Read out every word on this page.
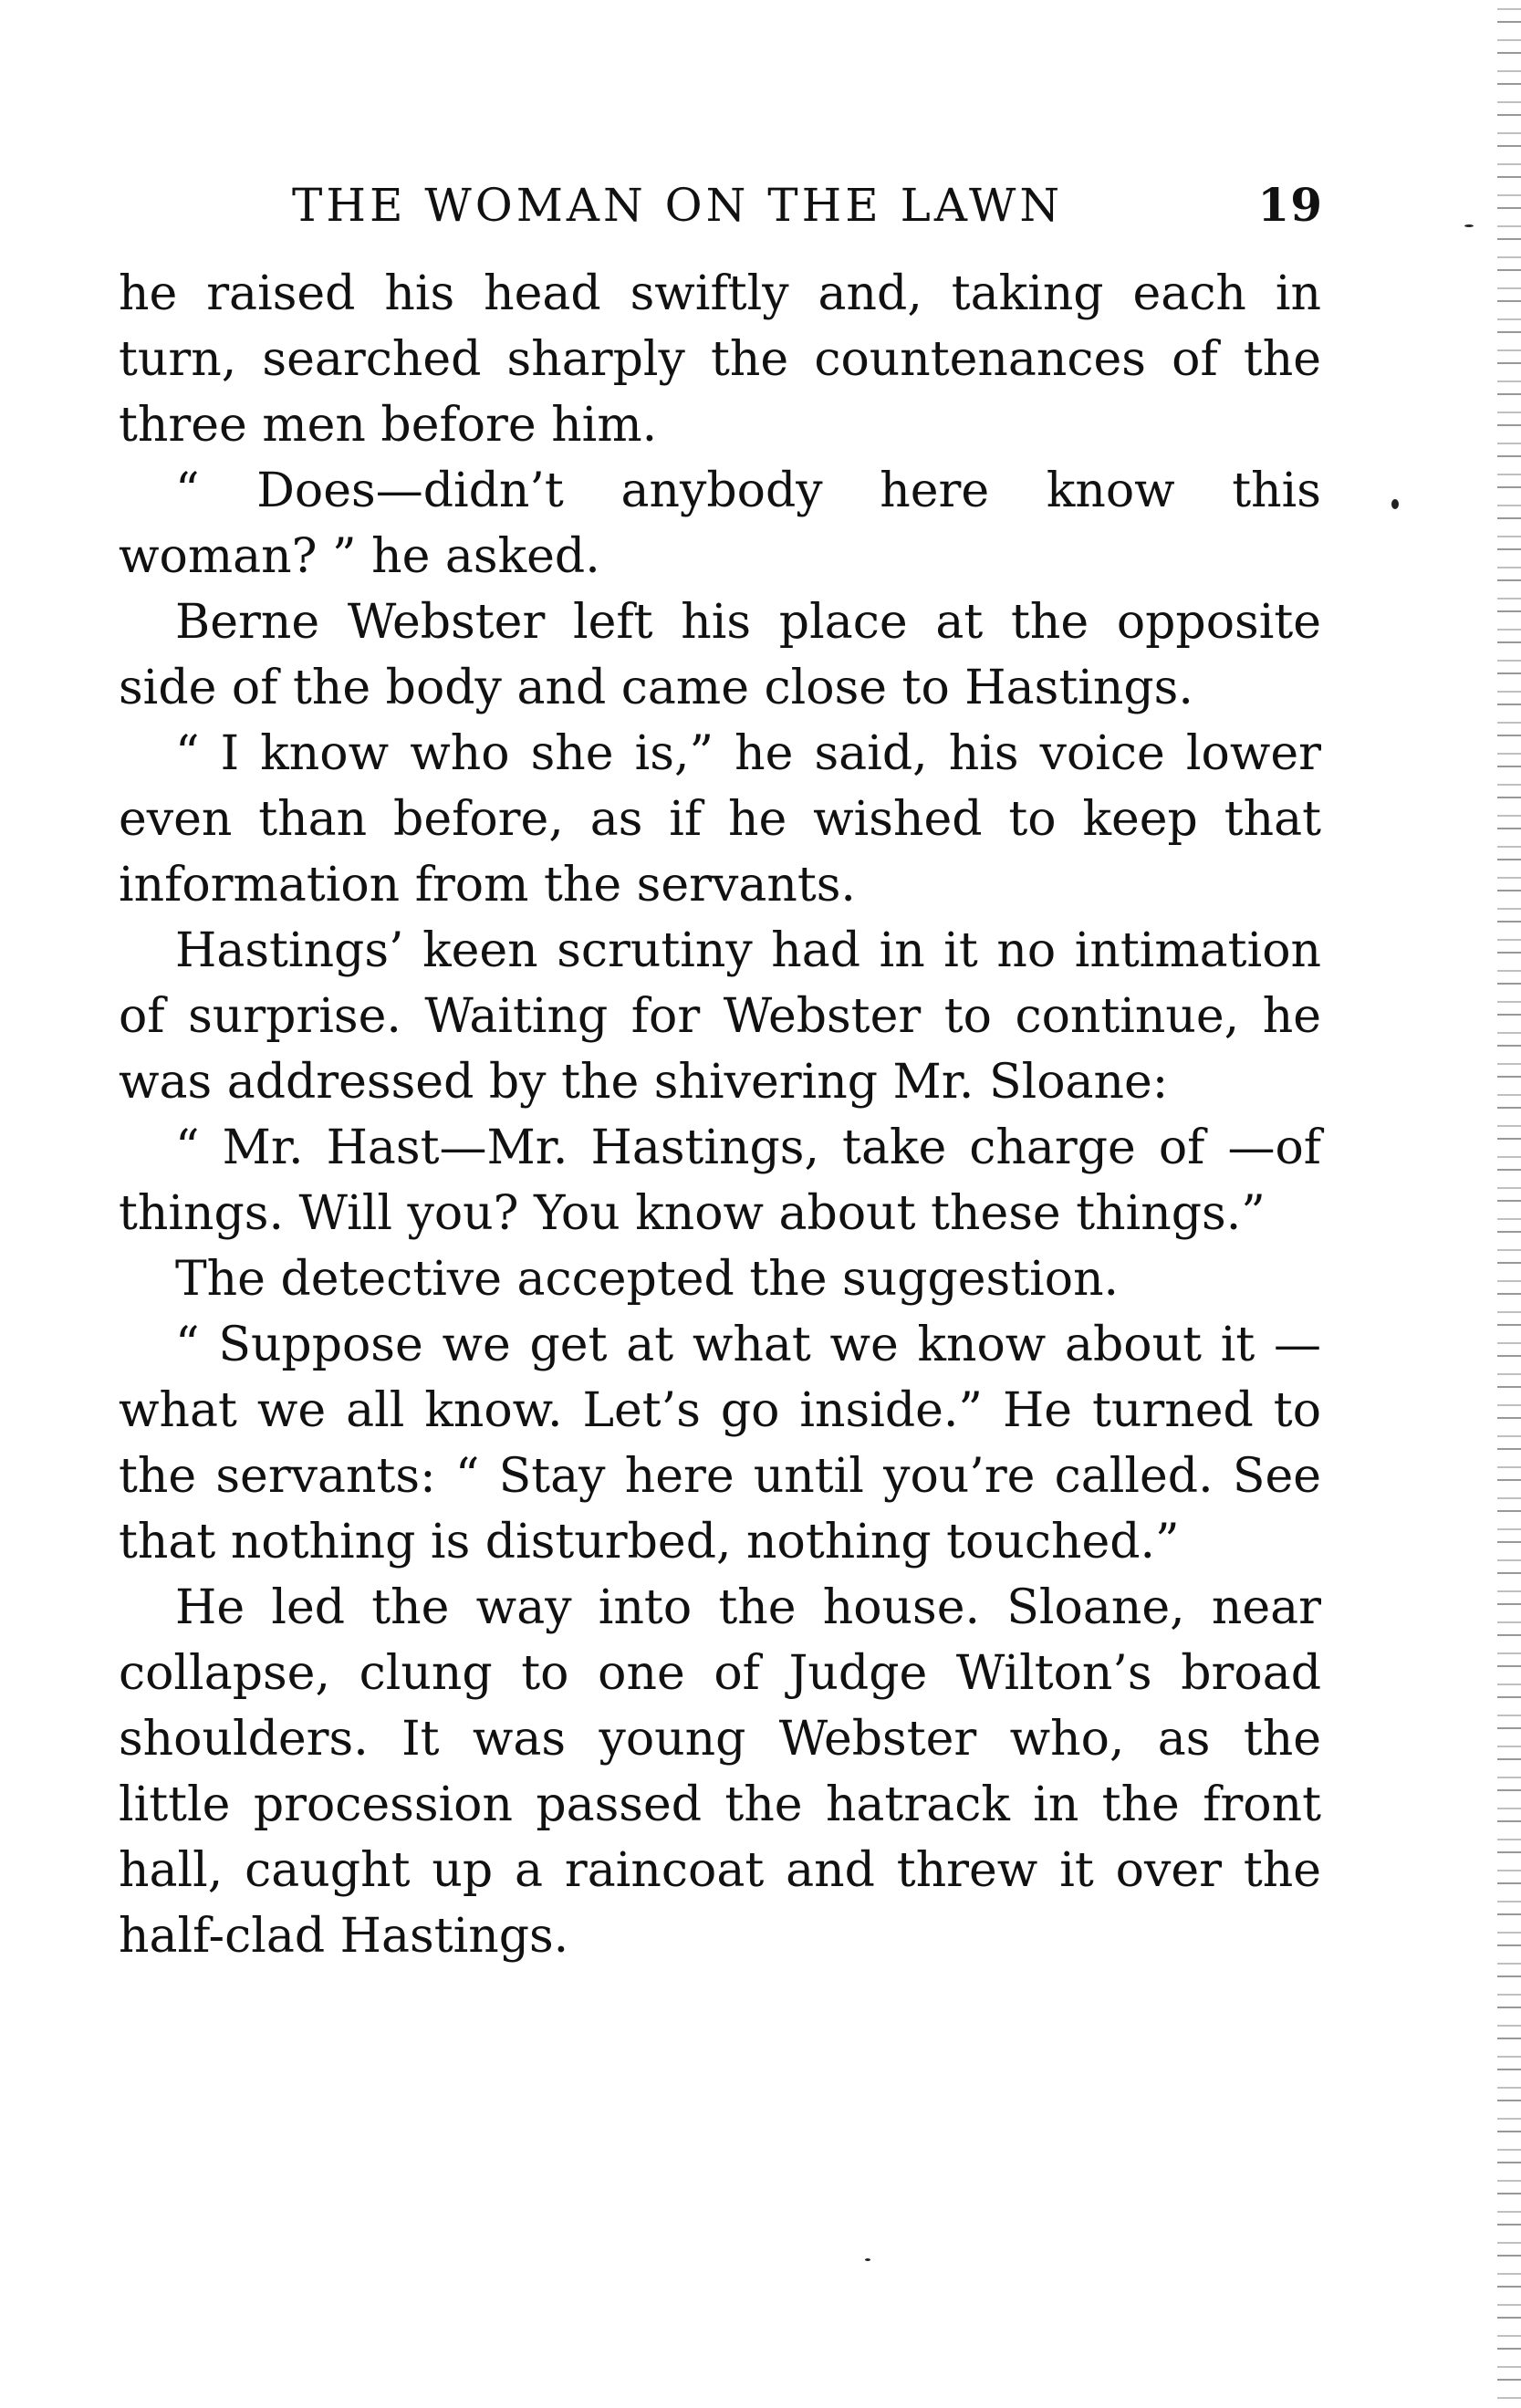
THE WOMAN ON THE LAWN	19

he raised his head swiftly and, taking each in turn, searched sharply the countenances of the three men before him.

“ Does—didn’t anybody here know this woman? ” he asked.

Berne Webster left his place at the opposite side of the body and came close to Hastings.

“ I know who she is,” he said, his voice lower even than before, as if he wished to keep that information from the servants.

Hastings’ keen scrutiny had in it no intimation of surprise. Waiting for Webster to continue, he was addressed by the shivering Mr. Sloane:

“ Mr. Hast—Mr. Hastings, take charge of —of things. Will you? You know about these things.”

The detective accepted the suggestion.

“ Suppose we get at what we know about it —what we all know. Let’s go inside.” He turned to the servants: “ Stay here until you’re called. See that nothing is disturbed, nothing touched.”

He led the way into the house. Sloane, near collapse, clung to one of Judge Wilton’s broad shoulders. It was young Webster who, as the little procession passed the hatrack in the front hall, caught up a raincoat and threw it over the half-clad Hastings.
